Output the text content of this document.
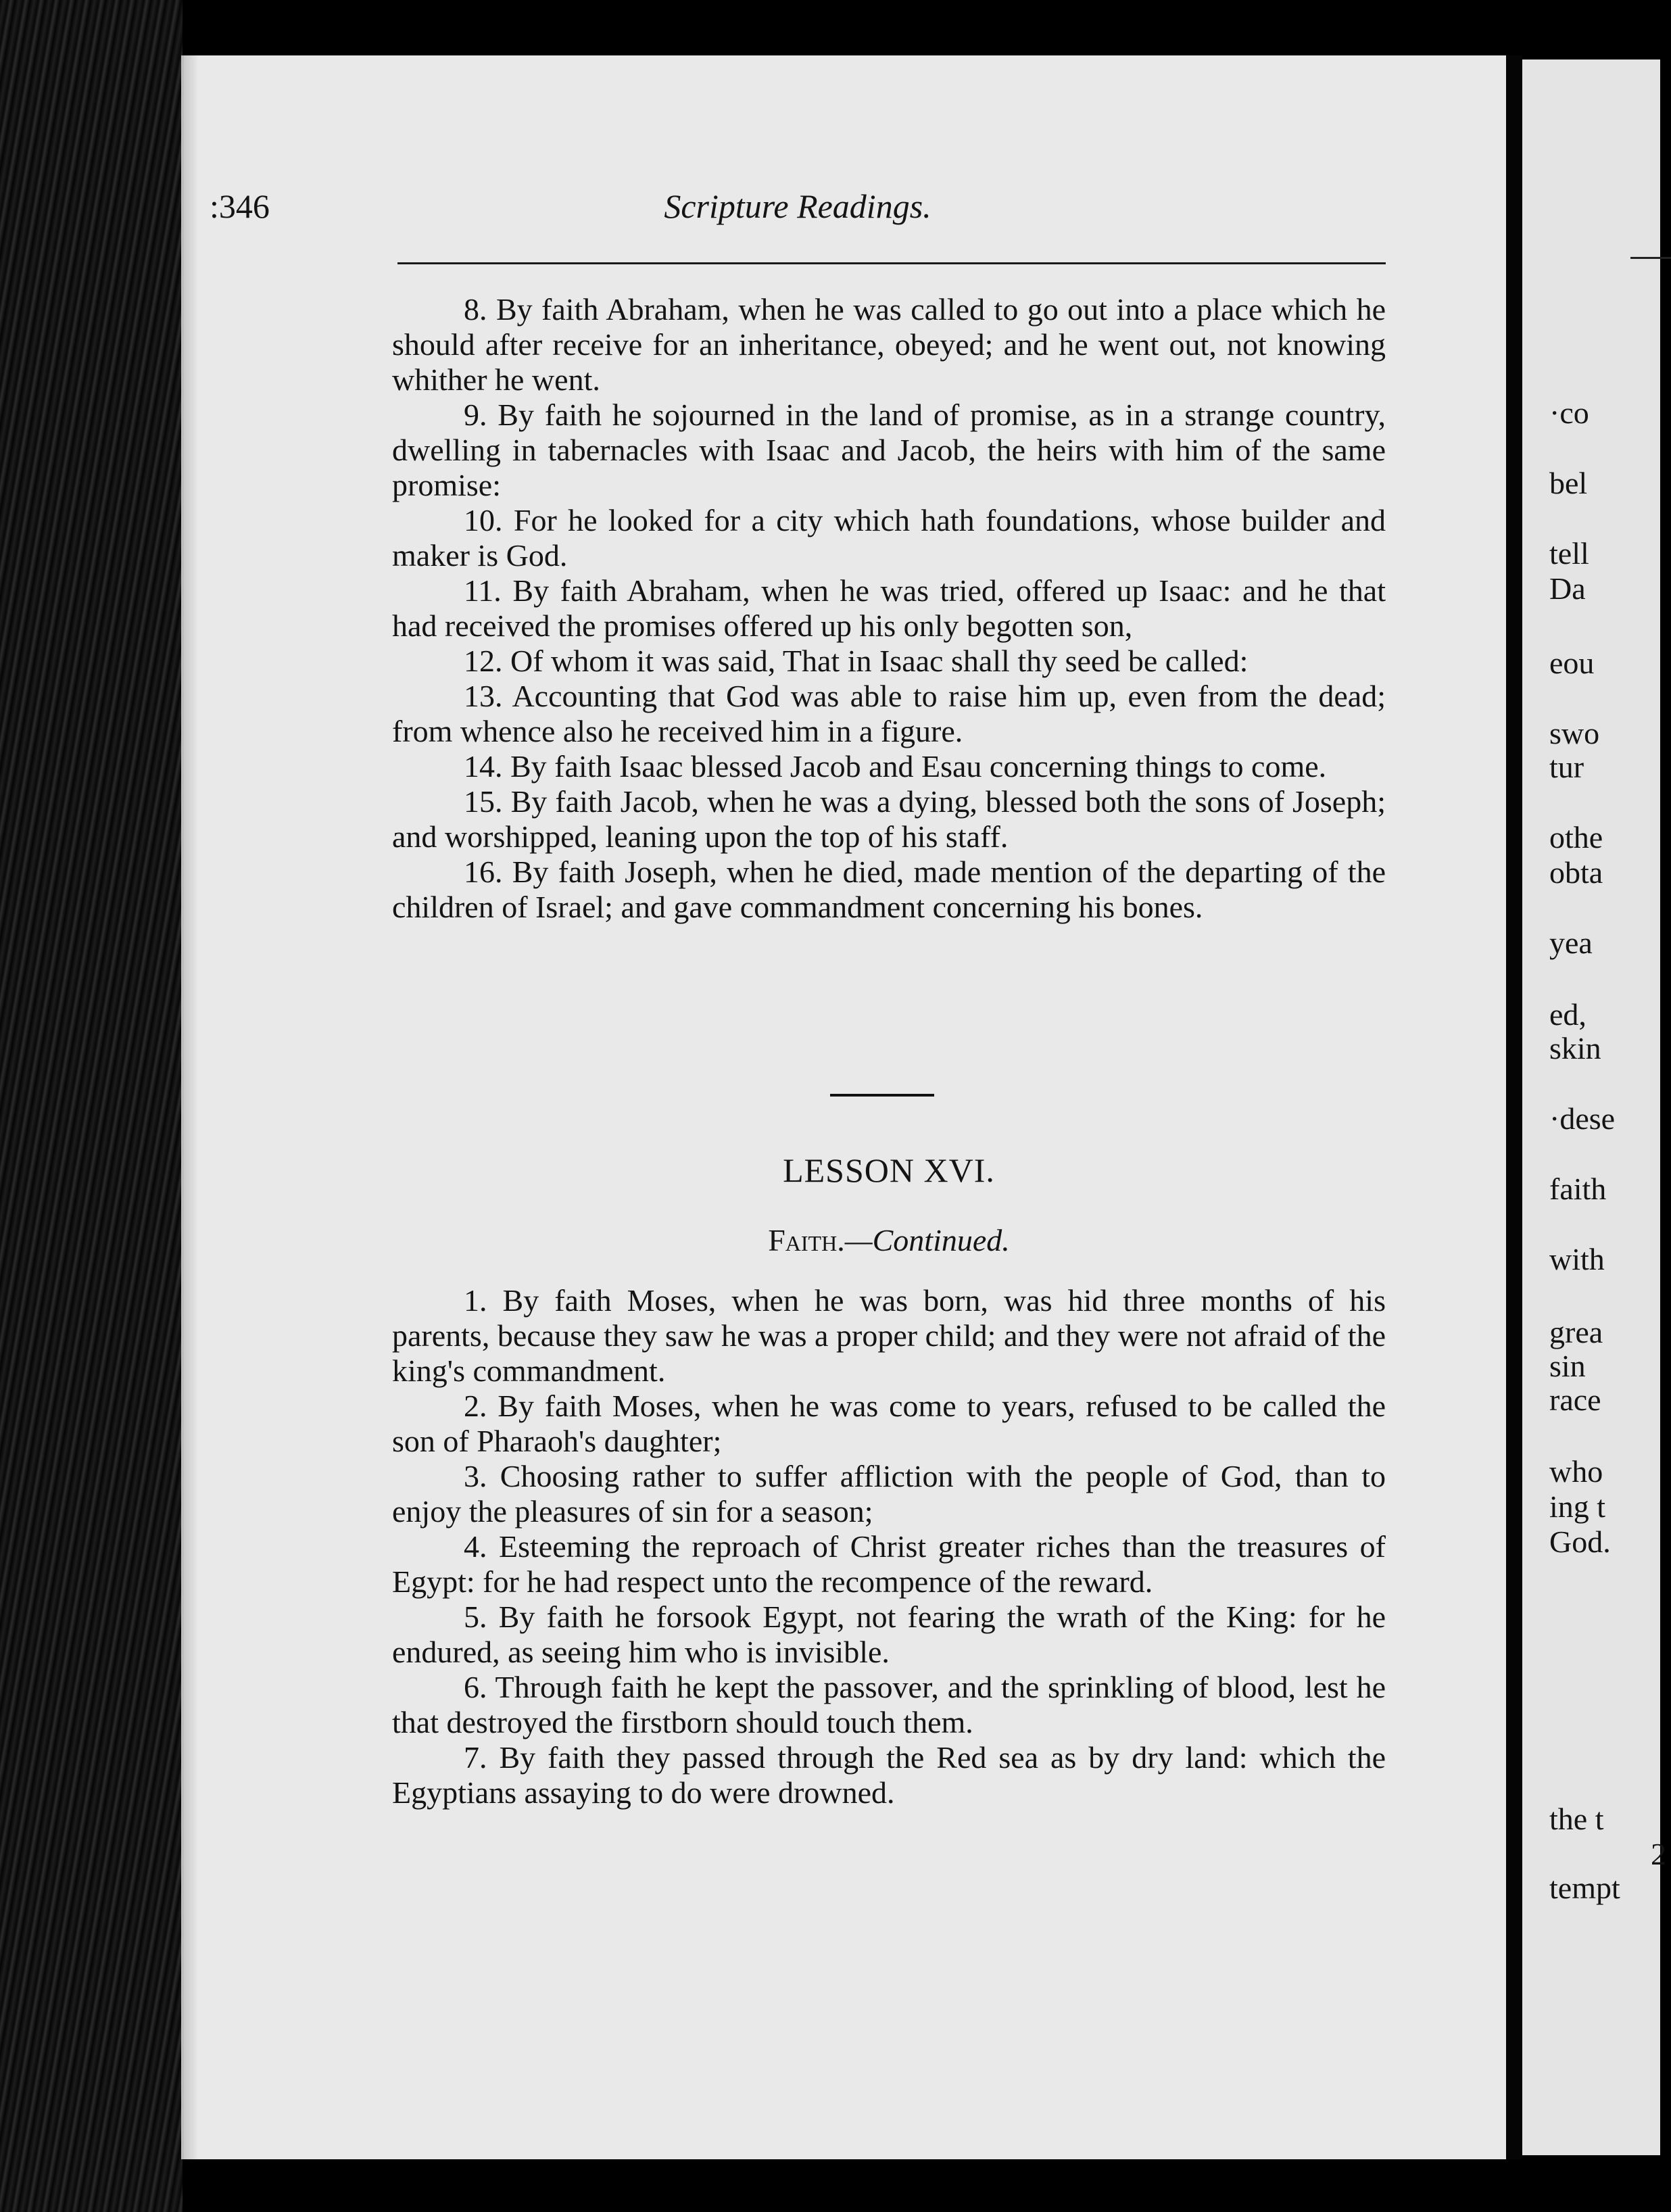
·co
bel
tell
Da
eou
swo
tur
othe
obta
yea
ed,
skin
·dese
faith
with
grea
sin
race
who
ing t
God.
the t
2
tempt
:346	Scripture Readings.

8. By faith Abraham, when he was called to go out into a place which he should after receive for an inheritance, obeyed; and he went out, not knowing whither he went.

9. By faith he sojourned in the land of promise, as in a strange country, dwelling in tabernacles with Isaac and Jacob, the heirs with him of the same promise:

10. For he looked for a city which hath foundations, whose builder and maker is God.

11. By faith Abraham, when he was tried, offered up Isaac: and he that had received the promises offered up his only begotten son,

12. Of whom it was said, That in Isaac shall thy seed be called:

13. Accounting that God was able to raise him up, even from the dead; from whence also he received him in a figure.

14. By faith Isaac blessed Jacob and Esau concerning things to come.

15. By faith Jacob, when he was a dying, blessed both the sons of Joseph; and worshipped, leaning upon the top of his staff.

16. By faith Joseph, when he died, made mention of the departing of the children of Israel; and gave commandment concerning his bones.

LESSON XVI.
Faith.—Continued.

1. By faith Moses, when he was born, was hid three months of his parents, because they saw he was a proper child; and they were not afraid of the king's commandment.

2. By faith Moses, when he was come to years, refused to be called the son of Pharaoh's daughter;

3. Choosing rather to suffer affliction with the people of God, than to enjoy the pleasures of sin for a season;

4. Esteeming the reproach of Christ greater riches than the treasures of Egypt: for he had respect unto the recompence of the reward.

5. By faith he forsook Egypt, not fearing the wrath of the King: for he endured, as seeing him who is invisible.

6. Through faith he kept the passover, and the sprinkling of blood, lest he that destroyed the firstborn should touch them.

7. By faith they passed through the Red sea as by dry land: which the Egyptians assaying to do were drowned.
